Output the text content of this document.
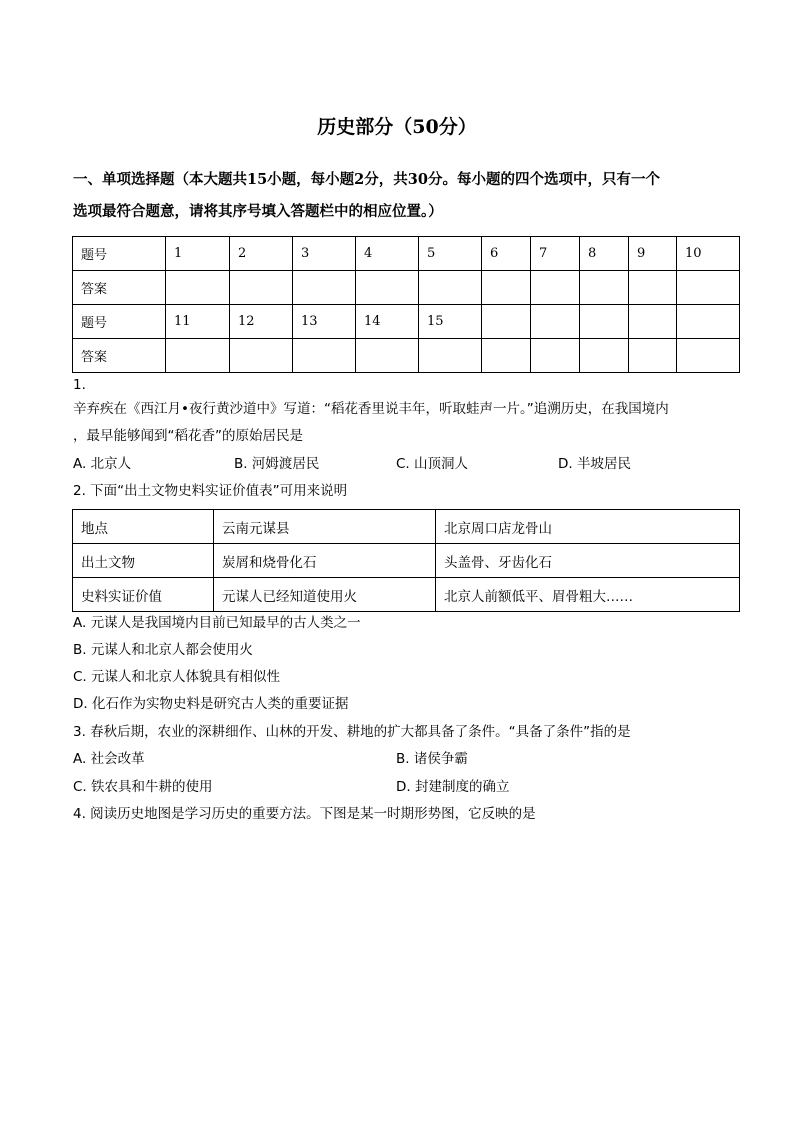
历史部分（50分）
一、单项选择题（本大题共15小题，每小题2分，共30分。每小题的四个选项中，只有一个
选项最符合题意，请将其序号填入答题栏中的相应位置。）
题号	1	2	3	4	5	6	7	8	9	10
答案										
题号	11	12	13	14	15					
答案										
1.
辛弃疾在《西江月•夜行黄沙道中》写道：“稻花香里说丰年，听取蛙声一片。”追溯历史，在我国境内
，最早能够闻到“稻花香”的原始居民是
A. 北京人	B. 河姆渡居民	C. 山顶洞人	D. 半坡居民
2. 下面“出土文物史料实证价值表”可用来说明
地点	云南元谋县	北京周口店龙骨山
出土文物	炭屑和烧骨化石	头盖骨、牙齿化石
史料实证价值	元谋人已经知道使用火	北京人前额低平、眉骨粗大……
A. 元谋人是我国境内目前已知最早的古人类之一
B. 元谋人和北京人都会使用火
C. 元谋人和北京人体貌具有相似性
D. 化石作为实物史料是研究古人类的重要证据
3. 春秋后期，农业的深耕细作、山林的开发、耕地的扩大都具备了条件。“具备了条件”指的是
A. 社会改革	B. 诸侯争霸
C. 铁农具和牛耕的使用	D. 封建制度的确立
4. 阅读历史地图是学习历史的重要方法。下图是某一时期形势图，它反映的是
